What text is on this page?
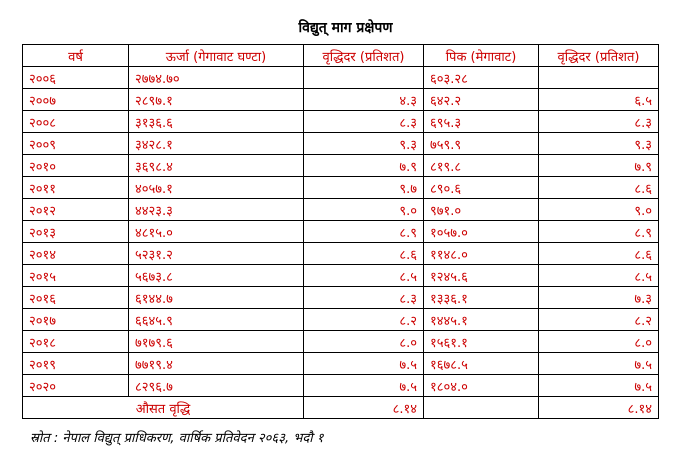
विद्युत् माग प्रक्षेपण
वर्ष	ऊर्जा (गेगावाट घण्टा)	वृद्धिदर (प्रतिशत)	पिक (मेगावाट)	वृद्धिदर (प्रतिशत)
२००६	२७७४.७०		६०३.२८	
२००७	२८९७.१	४.३	६४२.२	६.५
२००८	३१३६.६	८.३	६९५.३	८.३
२००९	३४२८.१	९.३	७५९.९	९.३
२०१०	३६९८.४	७.९	८१९.८	७.९
२०११	४०५७.१	९.७	८९०.६	८.६
२०१२	४४२३.३	९.०	९७१.०	९.०
२०१३	४८१५.०	८.९	१०५७.०	८.९
२०१४	५२३१.२	८.६	११४८.०	८.६
२०१५	५६७३.८	८.५	१२४५.६	८.५
२०१६	६१४४.७	८.३	१३३६.१	७.३
२०१७	६६४५.९	८.२	१४४५.१	८.२
२०१८	७१७९.६	८.०	१५६१.१	८.०
२०१९	७७१९.४	७.५	१६७८.५	७.५
२०२०	८२९६.७	७.५	१८०४.०	७.५
औसत वृद्धि		८.१४		८.१४
स्रोत : नेपाल विद्युत् प्राधिकरण, वार्षिक प्रतिवेदन २०६३, भदौ १
